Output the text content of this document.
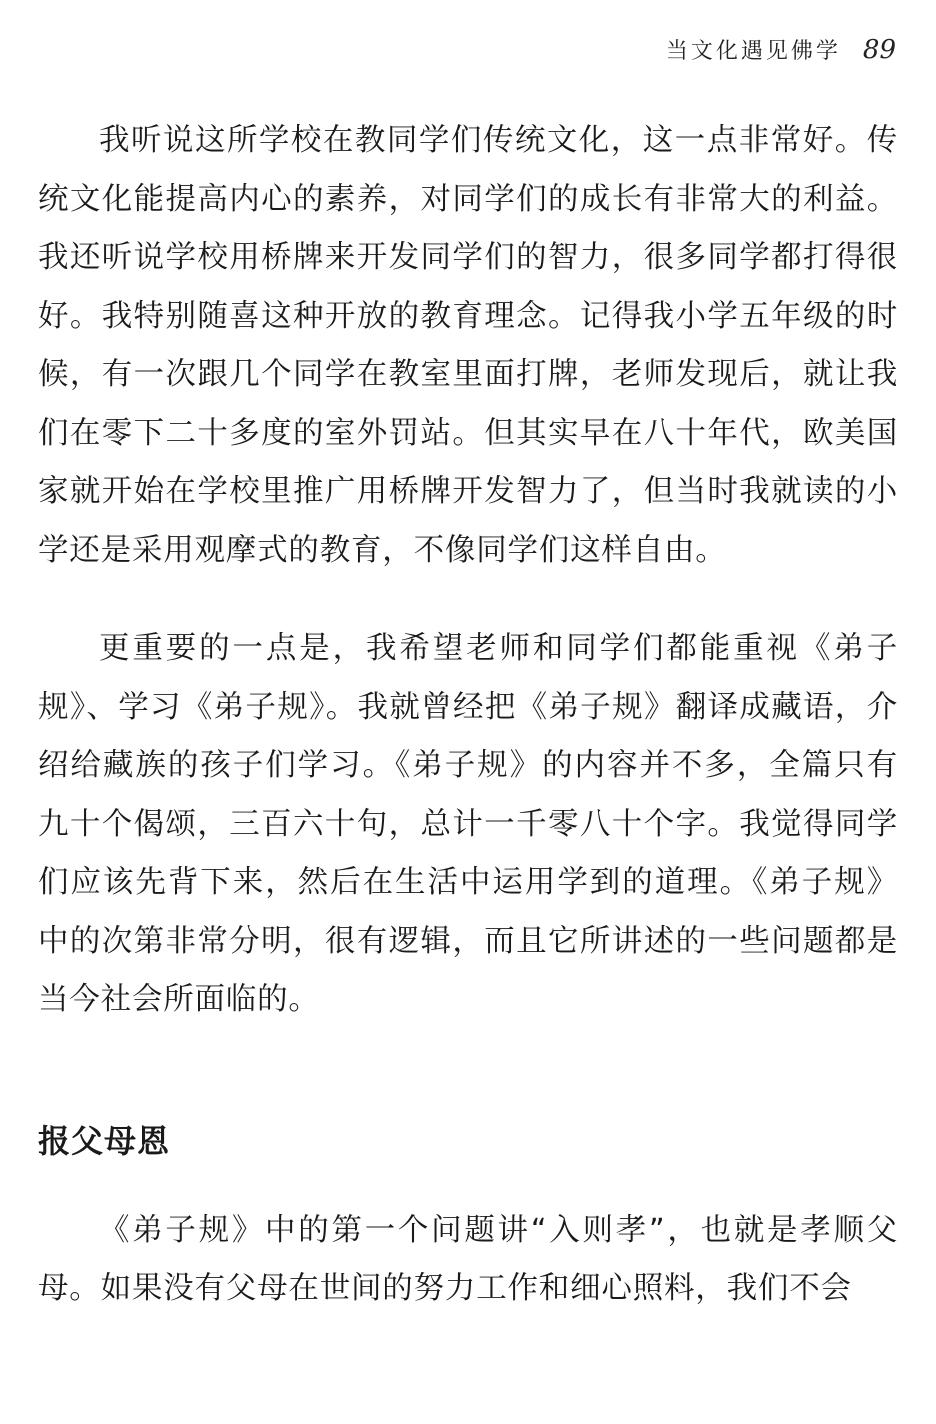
当文化遇见佛学 89

我听说这所学校在教同学们传统文化，这一点非常好。传统文化能提高内心的素养，对同学们的成长有非常大的利益。我还听说学校用桥牌来开发同学们的智力，很多同学都打得很好。我特别随喜这种开放的教育理念。记得我小学五年级的时候，有一次跟几个同学在教室里面打牌，老师发现后，就让我们在零下二十多度的室外罚站。但其实早在八十年代，欧美国家就开始在学校里推广用桥牌开发智力了，但当时我就读的小学还是采用观摩式的教育，不像同学们这样自由。

更重要的一点是，我希望老师和同学们都能重视《弟子规》、学习《弟子规》。我就曾经把《弟子规》翻译成藏语，介绍给藏族的孩子们学习。《弟子规》的内容并不多，全篇只有九十个偈颂，三百六十句，总计一千零八十个字。我觉得同学们应该先背下来，然后在生活中运用学到的道理。《弟子规》中的次第非常分明，很有逻辑，而且它所讲述的一些问题都是当今社会所面临的。

报父母恩

《弟子规》中的第一个问题讲“入则孝”，也就是孝顺父母。如果没有父母在世间的努力工作和细心照料，我们不会
